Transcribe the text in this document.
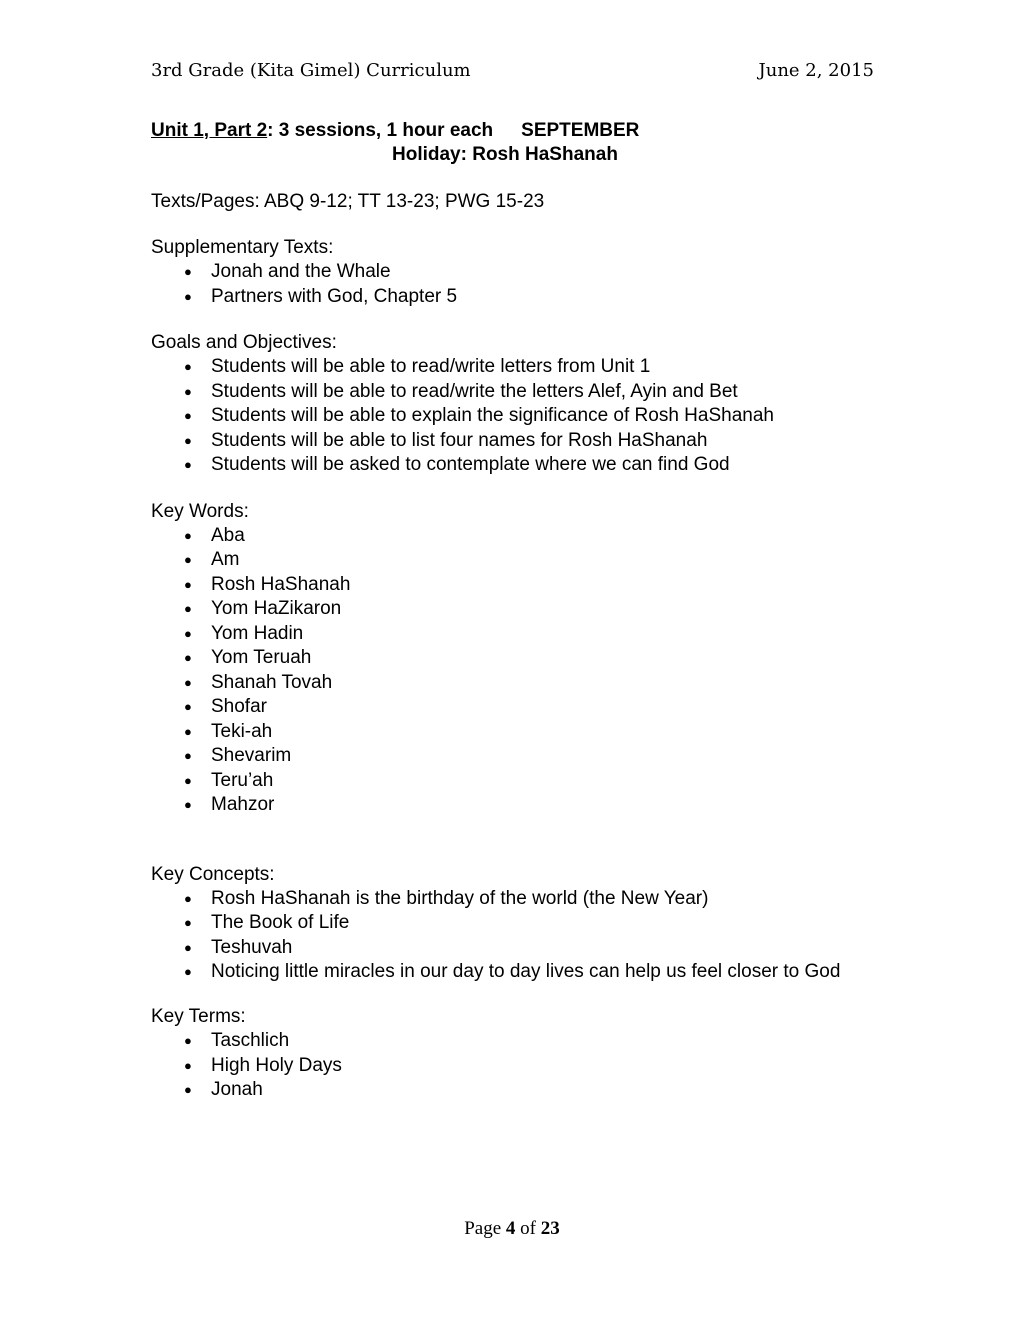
3rd Grade (Kita Gimel) Curriculum	June 2, 2015

Unit 1, Part 2: 3 sessions, 1 hour each SEPTEMBER

Holiday: Rosh HaShanah

Texts/Pages: ABQ 9-12; TT 13-23; PWG 15-23

Supplementary Texts:

● Jonah and the Whale
● Partners with God, Chapter 5

Goals and Objectives:

● Students will be able to read/write letters from Unit 1
● Students will be able to read/write the letters Alef, Ayin and Bet
● Students will be able to explain the significance of Rosh HaShanah
● Students will be able to list four names for Rosh HaShanah
● Students will be asked to contemplate where we can find God

Key Words:

● Aba
● Am
● Rosh HaShanah
● Yom HaZikaron
● Yom Hadin
● Yom Teruah
● Shanah Tovah
● Shofar
● Teki-ah
● Shevarim
● Teru’ah
● Mahzor

Key Concepts:

● Rosh HaShanah is the birthday of the world (the New Year)
● The Book of Life
● Teshuvah
● Noticing little miracles in our day to day lives can help us feel closer to God

Key Terms:

● Taschlich
● High Holy Days
● Jonah
Page 4 of 23
